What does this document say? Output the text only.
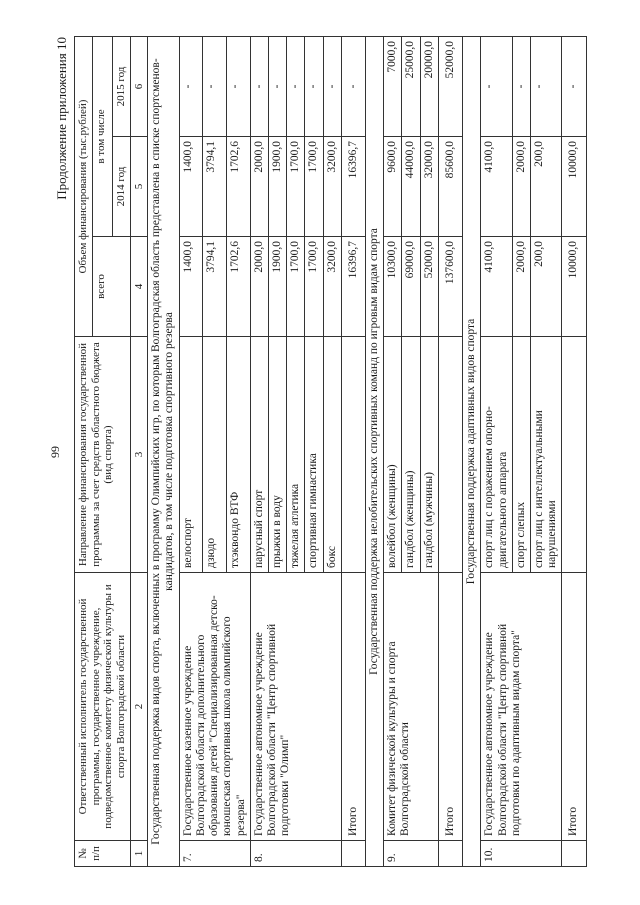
99
Продолжение приложения 10
№ п/п	Ответственный исполнитель государственной программы, государственное учреждение, подведомственное комитету физической культуры и спорта Волгоградской области	Направление финансирования государственной программы за счет средств областного бюджета (вид спорта)	Объем финансирования (тыс.рублей)		
			всего	в том числе	
				2014 год	2015 год
1	2	3	4	5	6
Государственная поддержка видов спорта, включенных в программу Олимпийских игр, по которым Волгоградская область представлена в списке спортсменов-кандидатов, в том числе подготовка спортивного резерва					
7.	Государственное казенное учреждение Волгоградской области дополнительного образования детей "Специализированная детско-юношеская спортивная школа олимпийского резерва"	велоспорт	1400,0	1400,0	-
		дзюдо	3794,1	3794,1	-
		тхэквондо ВТФ	1702,6	1702,6	-
8.	Государственное автономное учреждение Волгоградской области "Центр спортивной подготовки "Олимп"	парусный спорт	2000,0	2000,0	-
		прыжки в воду	1900,0	1900,0	-
		тяжелая атлетика	1700,0	1700,0	-
		спортивная гимнастика	1700,0	1700,0	-
		бокс	3200,0	3200,0	-
	Итого		16396,7	16396,7	-
Государственная поддержка нелобительских спортивных команд по игровым видам спорта					
9.	Комитет физической культуры и спорта Волгоградской области	волейбол (женщины)	10300,0	9600,0	7000,0
		гандбол (женщины)	69000,0	44000,0	25000,0
		гандбол (мужчины)	52000,0	32000,0	20000,0
	Итого		137600,0	85600,0	52000,0
Государственная поддержка адаптивных видов спорта					
10.	Государственное автономное учреждение Волгоградской области "Центр спортивной подготовки по адаптивным видам спорта"	спорт лиц с поражением опорно-двигательного аппарата	4100,0	4100,0	-
		спорт слепых	2000,0	2000,0	-
		спорт лиц с интеллектуальными нарушениями	200,0	200,0	-
	Итого		10000,0	10000,0	-
